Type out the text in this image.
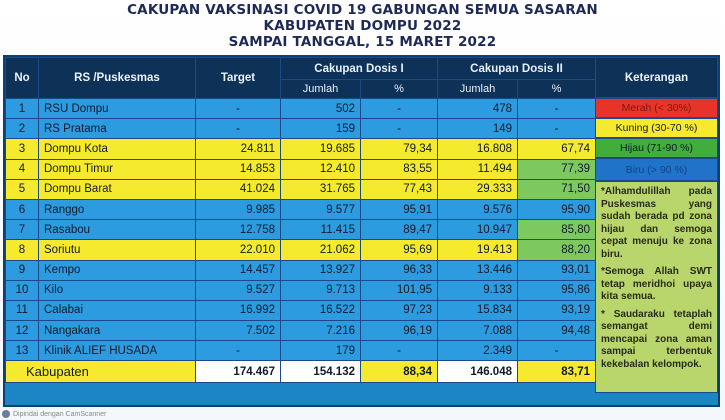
CAKUPAN VAKSINASI COVID 19 GABUNGAN SEMUA SASARAN
KABUPATEN DOMPU 2022
SAMPAI TANGGAL, 15 MARET 2022
No	RS /Puskesmas	Target	Cakupan Dosis I		Cakupan Dosis II	
			Jumlah	%	Jumlah	%
1	RSU Dompu	-	502	-	478	-
2	RS Pratama	-	159	-	149	-
3	Dompu Kota	24.811	19.685	79,34	16.808	67,74
4	Dompu Timur	14.853	12.410	83,55	11.494	77,39
5	Dompu Barat	41.024	31.765	77,43	29.333	71,50
6	Ranggo	9.985	9.577	95,91	9.576	95,90
7	Rasabou	12.758	11.415	89,47	10.947	85,80
8	Soriutu	22.010	21.062	95,69	19.413	88,20
9	Kempo	14.457	13.927	96,33	13.446	93,01
10	Kilo	9.527	9.713	101,95	9.133	95,86
11	Calabai	16.992	16.522	97,23	15.834	93,19
12	Nangakara	7.502	7.216	96,19	7.088	94,48
13	Klinik ALIEF HUSADA	-	179	-	2.349	-
Kabupaten		174.467	154.132	88,34	146.048	83,71
Keterangan
Merah (< 30%)
Kuning (30-70 %)
Hijau (71-90 %)
Biru (> 90 %)

*Alhamdulillah pada Puskesmas yang sudah berada pd zona hijau dan semoga cepat menuju ke zona biru.

*Semoga Allah SWT tetap meridhoi upaya kita semua.

* Saudaraku tetaplah semangat demi mencapai zona aman sampai terbentuk kekebalan kelompok.

Dipindai dengan CamScanner
